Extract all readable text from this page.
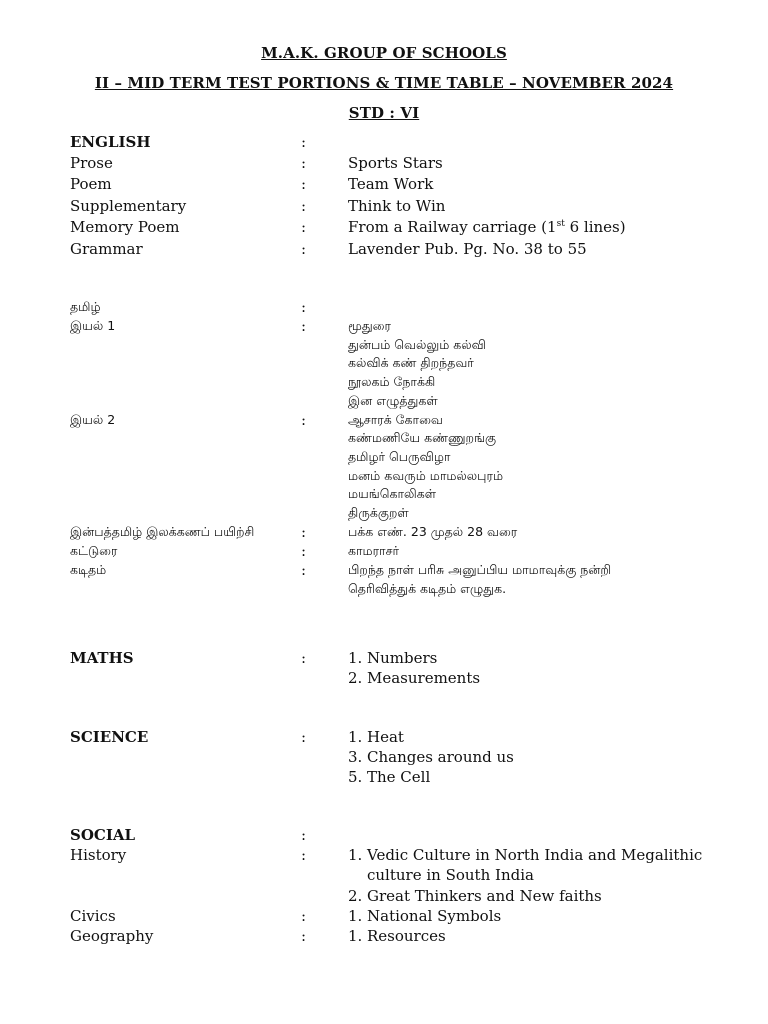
M.A.K. GROUP OF SCHOOLS
II – MID TERM TEST PORTIONS & TIME TABLE – NOVEMBER 2024
STD : VI
ENGLISH	:
Prose	:	Sports Stars
Poem	:	Team Work
Supplementary	:	Think to Win
Memory Poem	:	From a Railway carriage (1st 6 lines)
Grammar	:	Lavender Pub. Pg. No. 38 to 55
தமிழ்	:
இயல் 1	:	மூதுரை
துன்பம் வெல்லும் கல்வி
கல்விக் கண் திறந்தவர்
நூலகம் நோக்கி
இன எழுத்துகள்
இயல் 2	:	ஆசாரக் கோவை
கண்மணியே கண்ணுறங்கு
தமிழர் பெருவிழா
மனம் கவரும் மாமல்லபுரம்
மயங்கொலிகள்
திருக்குறள்
இன்பத்தமிழ் இலக்கணப் பயிற்சி	:	பக்க எண். 23 முதல் 28 வரை
கட்டுரை	:	காமராசர்
கடிதம்	:	பிறந்த நாள் பரிசு அனுப்பிய மாமாவுக்கு நன்றி
தெரிவித்துக் கடிதம் எழுதுக.
MATHS	:	1. Numbers
2. Measurements
SCIENCE	:	1. Heat
3. Changes around us
5. The Cell
SOCIAL	:
History	:	1. Vedic Culture in North India and Megalithic
culture in South India
2. Great Thinkers and New faiths
Civics	:	1. National Symbols
Geography	:	1. Resources
